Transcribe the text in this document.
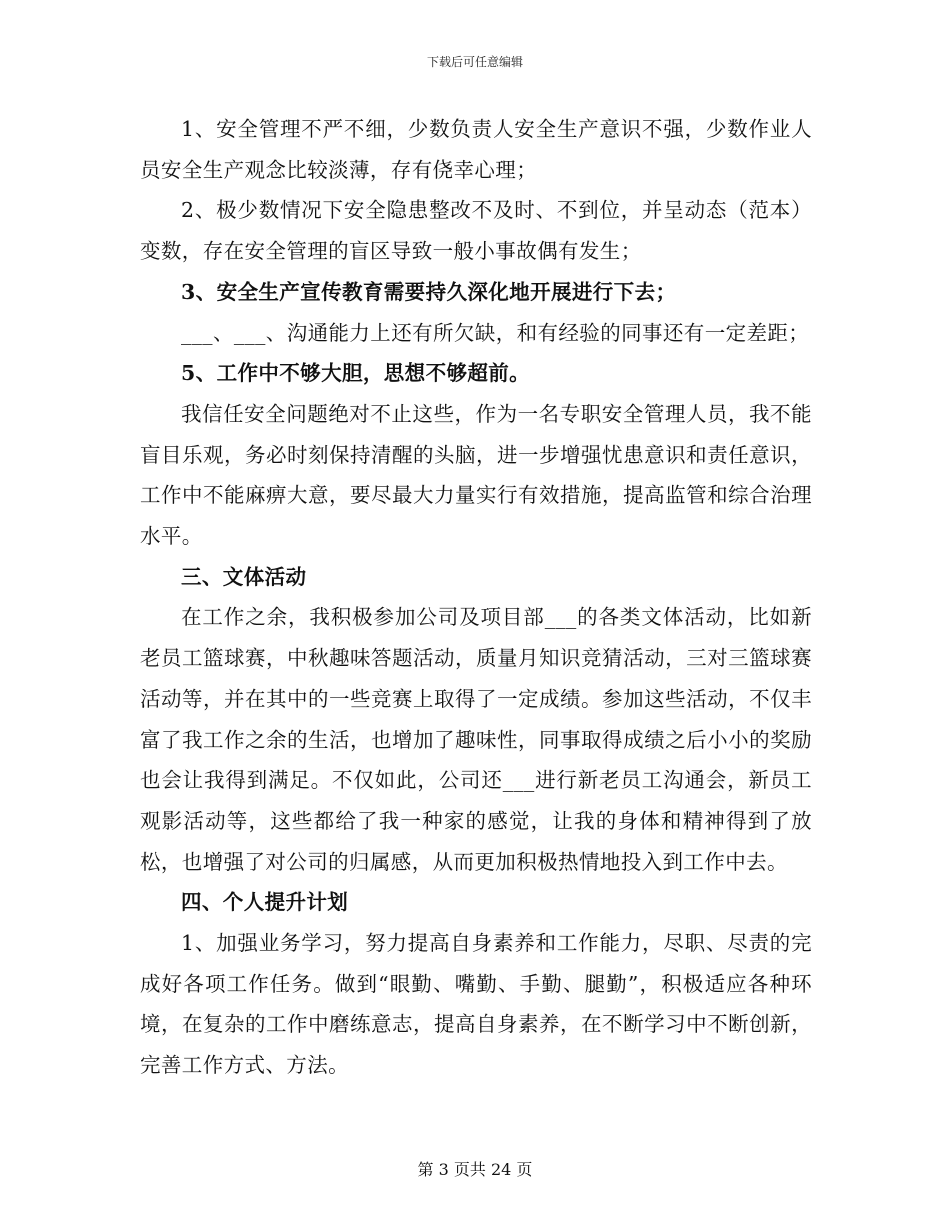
下载后可任意编辑

1、安全管理不严不细，少数负责人安全生产意识不强，少数作业人员安全生产观念比较淡薄，存有侥幸心理；

2、极少数情况下安全隐患整改不及时、不到位，并呈动态（范本）变数，存在安全管理的盲区导致一般小事故偶有发生；

3、安全生产宣传教育需要持久深化地开展进行下去；

___、___、沟通能力上还有所欠缺，和有经验的同事还有一定差距；

5、工作中不够大胆，思想不够超前。

我信任安全问题绝对不止这些，作为一名专职安全管理人员，我不能盲目乐观，务必时刻保持清醒的头脑，进一步增强忧患意识和责任意识，工作中不能麻痹大意，要尽最大力量实行有效措施，提高监管和综合治理水平。

三、文体活动

在工作之余，我积极参加公司及项目部___的各类文体活动，比如新老员工篮球赛，中秋趣味答题活动，质量月知识竞猜活动，三对三篮球赛活动等，并在其中的一些竞赛上取得了一定成绩。参加这些活动，不仅丰富了我工作之余的生活，也增加了趣味性，同事取得成绩之后小小的奖励也会让我得到满足。不仅如此，公司还___进行新老员工沟通会，新员工观影活动等，这些都给了我一种家的感觉，让我的身体和精神得到了放松，也增强了对公司的归属感，从而更加积极热情地投入到工作中去。

四、个人提升计划

1、加强业务学习，努力提高自身素养和工作能力，尽职、尽责的完成好各项工作任务。做到“眼勤、嘴勤、手勤、腿勤”，积极适应各种环境，在复杂的工作中磨练意志，提高自身素养，在不断学习中不断创新，完善工作方式、方法。

第 3 页共 24 页
